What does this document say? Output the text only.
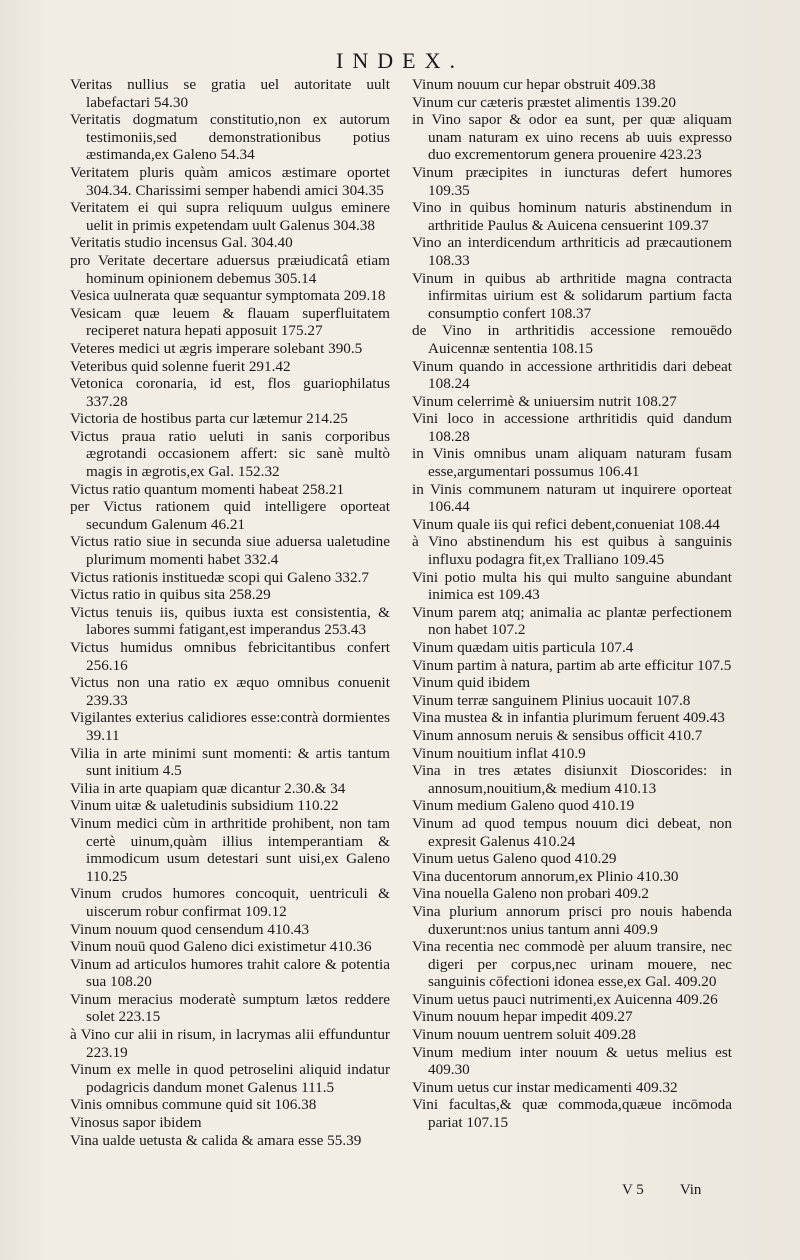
INDEX.

Veritas nullius se gratia uel autoritate uult labefactari 54.30

Veritatis dogmatum constitutio,non ex autorum testimoniis,sed demonstrationibus potius æstimanda,ex Galeno 54.34

Veritatem pluris quàm amicos æstimare oportet 304.34. Charissimi semper habendi amici 304.35

Veritatem ei qui supra reliquum uulgus eminere uelit in primis expetendam uult Galenus 304.38

Veritatis studio incensus Gal. 304.40

pro Veritate decertare aduersus præiudicatâ etiam hominum opinionem debemus 305.14

Vesica uulnerata quæ sequantur symptomata 209.18

Vesicam quæ leuem & flauam superfluitatem reciperet natura hepati apposuit 175.27

Veteres medici ut ægris imperare solebant 390.5

Veteribus quid solenne fuerit 291.42

Vetonica coronaria, id est, flos guariophilatus 337.28

Victoria de hostibus parta cur lætemur 214.25

Victus praua ratio ueluti in sanis corporibus ægrotandi occasionem affert: sic sanè multò magis in ægrotis,ex Gal. 152.32

Victus ratio quantum momenti habeat 258.21

per Victus rationem quid intelligere oporteat secundum Galenum 46.21

Victus ratio siue in secunda siue aduersa ualetudine plurimum momenti habet 332.4

Victus rationis instituedæ scopi qui Galeno 332.7

Victus ratio in quibus sita 258.29

Victus tenuis iis, quibus iuxta est consistentia, & labores summi fatigant,est imperandus 253.43

Victus humidus omnibus febricitantibus confert 256.16

Victus non una ratio ex æquo omnibus conuenit 239.33

Vigilantes exterius calidiores esse:contrà dormientes 39.11

Vilia in arte minimi sunt momenti: & artis tantum sunt initium 4.5

Vilia in arte quapiam quæ dicantur 2.30.& 34

Vinum uitæ & ualetudinis subsidium 110.22

Vinum medici cùm in arthritide prohibent, non tam certè uinum,quàm illius intemperantiam & immodicum usum detestari sunt uisi,ex Galeno 110.25

Vinum crudos humores concoquit, uentriculi & uiscerum robur confirmat 109.12

Vinum nouum quod censendum 410.43

Vinum nouū quod Galeno dici existimetur 410.36

Vinum ad articulos humores trahit calore & potentia sua 108.20

Vinum meracius moderatè sumptum lætos reddere solet 223.15

à Vino cur alii in risum, in lacrymas alii effunduntur 223.19

Vinum ex melle in quod petroselini aliquid indatur podagricis dandum monet Galenus 111.5

Vinis omnibus commune quid sit 106.38

Vinosus sapor ibidem

Vina ualde uetusta & calida & amara esse 55.39

Vinum nouum cur hepar obstruit 409.38

Vinum cur cæteris præstet alimentis 139.20

in Vino sapor & odor ea sunt, per quæ aliquam unam naturam ex uino recens ab uuis expresso duo excrementorum genera prouenire 423.23

Vinum præcipites in iuncturas defert humores 109.35

Vino in quibus hominum naturis abstinendum in arthritide Paulus & Auicena censuerint 109.37

Vino an interdicendum arthriticis ad præcautionem 108.33

Vinum in quibus ab arthritide magna contracta infirmitas uirium est & solidarum partium facta consumptio confert 108.37

de Vino in arthritidis accessione remouēdo Auicennæ sententia 108.15

Vinum quando in accessione arthritidis dari debeat 108.24

Vinum celerrimè & uniuersim nutrit 108.27

Vini loco in accessione arthritidis quid dandum 108.28

in Vinis omnibus unam aliquam naturam fusam esse,argumentari possumus 106.41

in Vinis communem naturam ut inquirere oporteat 106.44

Vinum quale iis qui refici debent,conueniat 108.44

à Vino abstinendum his est quibus à sanguinis influxu podagra fit,ex Tralliano 109.45

Vini potio multa his qui multo sanguine abundant inimica est 109.43

Vinum parem atq; animalia ac plantæ perfectionem non habet 107.2

Vinum quædam uitis particula 107.4

Vinum partim à natura, partim ab arte efficitur 107.5

Vinum quid ibidem

Vinum terræ sanguinem Plinius uocauit 107.8

Vina mustea & in infantia plurimum feruent 409.43

Vinum annosum neruis & sensibus officit 410.7

Vinum nouitium inflat 410.9

Vina in tres ætates disiunxit Dioscorides: in annosum,nouitium,& medium 410.13

Vinum medium Galeno quod 410.19

Vinum ad quod tempus nouum dici debeat, non expresit Galenus 410.24

Vinum uetus Galeno quod 410.29

Vina ducentorum annorum,ex Plinio 410.30

Vina nouella Galeno non probari 409.2

Vina plurium annorum prisci pro nouis habenda duxerunt:nos unius tantum anni 409.9

Vina recentia nec commodè per aluum transire, nec digeri per corpus,nec urinam mouere, nec sanguinis cōfectioni idonea esse,ex Gal. 409.20

Vinum uetus pauci nutrimenti,ex Auicenna 409.26

Vinum nouum hepar impedit 409.27

Vinum nouum uentrem soluit 409.28

Vinum medium inter nouum & uetus melius est 409.30

Vinum uetus cur instar medicamenti 409.32

Vini facultas,& quæ commoda,quæue incōmoda pariat 107.15

V 5 Vin
